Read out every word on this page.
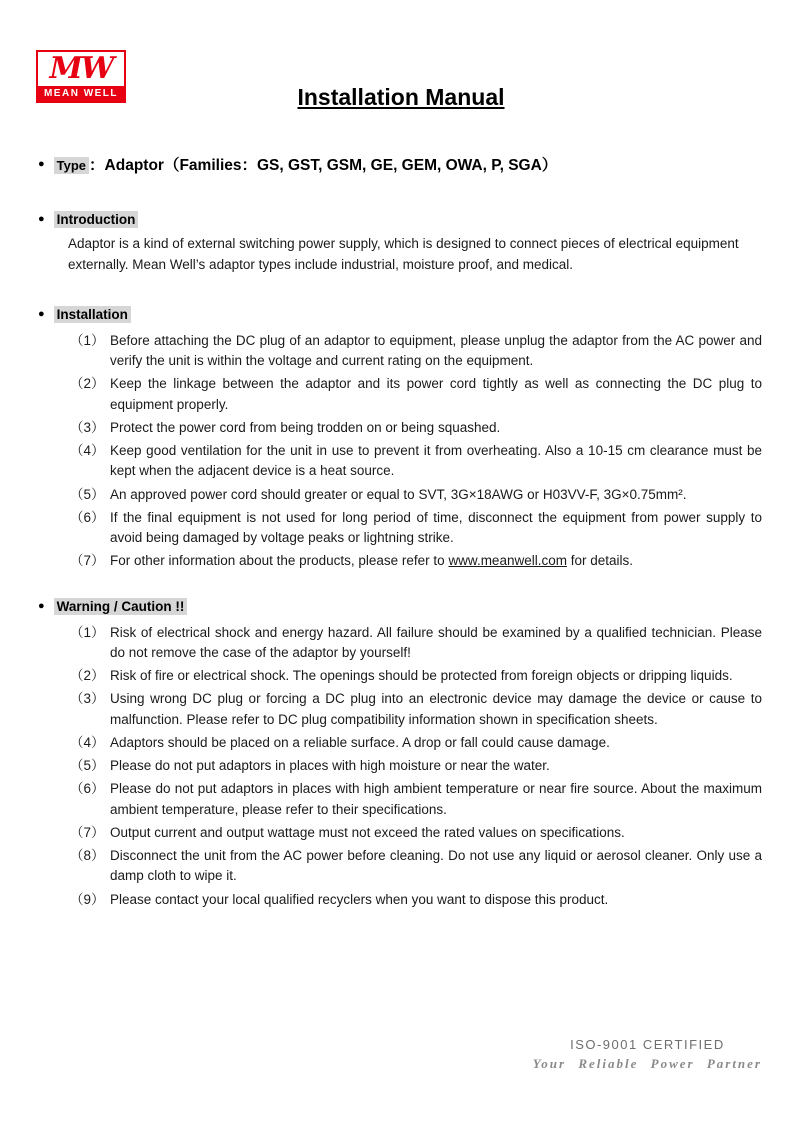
MW
MEAN WELL	Installation Manual
● Type ：Adaptor（Families：GS, GST, GSM, GE, GEM, OWA, P, SGA）
● Introduction

Adaptor is a kind of external switching power supply, which is designed to connect pieces of electrical equipment externally. Mean Well’s adaptor types include industrial, moisture proof, and medical.

● Installation
（1） Before attaching the DC plug of an adaptor to equipment, please unplug the adaptor from the AC power and verify the unit is within the voltage and current rating on the equipment.
（2） Keep the linkage between the adaptor and its power cord tightly as well as connecting the DC plug to equipment properly.
（3） Protect the power cord from being trodden on or being squashed.
（4） Keep good ventilation for the unit in use to prevent it from overheating. Also a 10-15 cm clearance must be kept when the adjacent device is a heat source.
（5） An approved power cord should greater or equal to SVT, 3G×18AWG or H03VV-F, 3G×0.75mm².
（6） If the final equipment is not used for long period of time, disconnect the equipment from power supply to avoid being damaged by voltage peaks or lightning strike.
（7） For other information about the products, please refer to www.meanwell.com for details.
● Warning / Caution !!
（1） Risk of electrical shock and energy hazard. All failure should be examined by a qualified technician. Please do not remove the case of the adaptor by yourself!
（2） Risk of fire or electrical shock. The openings should be protected from foreign objects or dripping liquids.
（3） Using wrong DC plug or forcing a DC plug into an electronic device may damage the device or cause to malfunction. Please refer to DC plug compatibility information shown in specification sheets.
（4） Adaptors should be placed on a reliable surface. A drop or fall could cause damage.
（5） Please do not put adaptors in places with high moisture or near the water.
（6） Please do not put adaptors in places with high ambient temperature or near fire source. About the maximum ambient temperature, please refer to their specifications.
（7） Output current and output wattage must not exceed the rated values on specifications.
（8） Disconnect the unit from the AC power before cleaning. Do not use any liquid or aerosol cleaner. Only use a damp cloth to wipe it.
（9） Please contact your local qualified recyclers when you want to dispose this product.
ISO-9001 CERTIFIED
Your Reliable Power Partner
